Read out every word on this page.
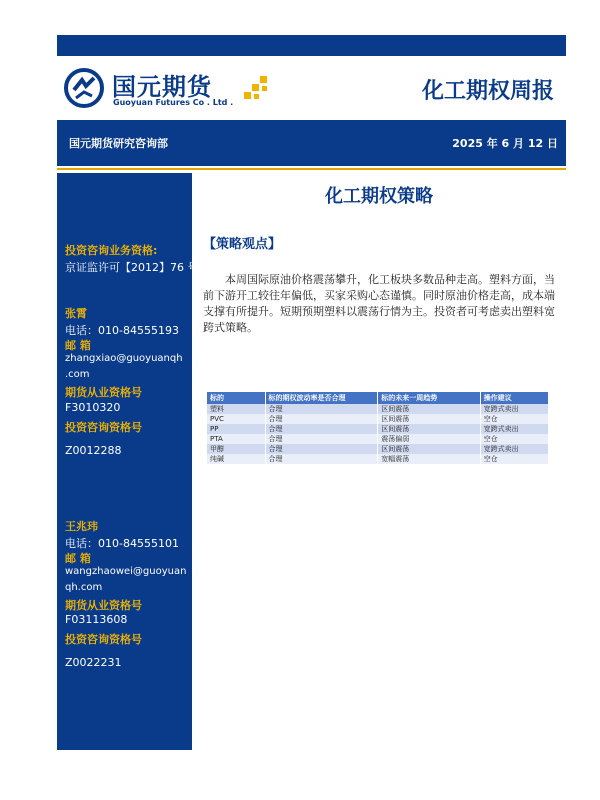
国元期货
Guoyuan Futures Co . Ltd .	化工期权周报
国元期货研究咨询部	2025 年 6 月 12 日
投资咨询业务资格:
京证监许可【2012】76 号
张霄
电话：010-84555193
邮 箱
zhangxiao@guoyuanqh
.com
期货从业资格号
F3010320
投资咨询资格号
Z0012288
王兆玮
电话：010-84555101
邮 箱
wangzhaowei@guoyuan
qh.com
期货从业资格号
F03113608
投资咨询资格号
Z0022231
化工期权策略
【策略观点】

本周国际原油价格震荡攀升，化工板块多数品种走高。塑料方面，当前下游开工较往年偏低，买家采购心态谨慎。同时原油价格走高，成本端支撑有所提升。短期预期塑料以震荡行情为主。投资者可考虑卖出塑料宽跨式策略。

标的	标的期权波动率是否合理	标的未来一周趋势	操作建议
塑料	合理	区间震荡	宽跨式卖出
PVC	合理	区间震荡	空仓
PP	合理	区间震荡	宽跨式卖出
PTA	合理	震荡偏弱	空仓
甲醇	合理	区间震荡	宽跨式卖出
纯碱	合理	宽幅震荡	空仓
